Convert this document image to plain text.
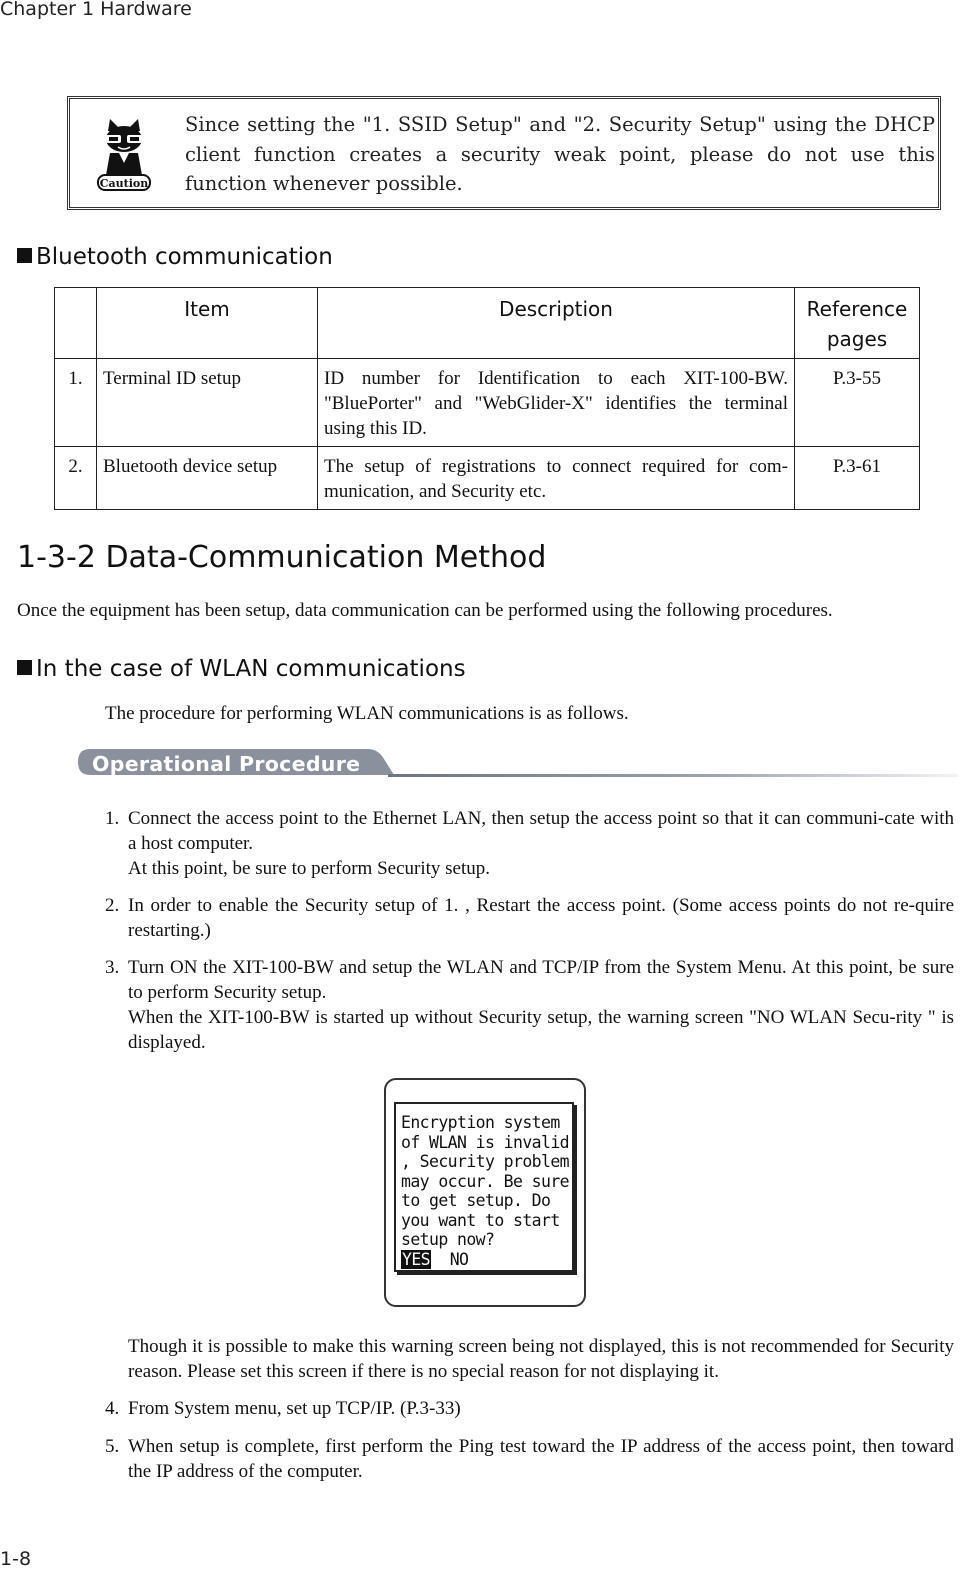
Chapter 1 Hardware
Caution
Since setting the "1. SSID Setup" and "2. Security Setup" using the DHCP client function creates a security weak point, please do not use this function whenever possible.
Bluetooth communication
	Item	Description	Reference pages
1.	Terminal ID setup	ID number for Identification to each XIT-100-BW. "BluePorter" and "WebGlider-X" identifies the terminal using this ID.	P.3-55
2.	Bluetooth device setup	The setup of registrations to connect required for com-munication, and Security etc.	P.3-61
1-3-2 Data-Communication Method
Once the equipment has been setup, data communication can be performed using the following procedures.
In the case of WLAN communications
The procedure for performing WLAN communications is as follows.
Operational Procedure
1. Connect the access point to the Ethernet LAN, then setup the access point so that it can communi-cate with a host computer.
At this point, be sure to perform Security setup.
2. In order to enable the Security setup of 1. , Restart the access point. (Some access points do not re-quire restarting.)
3. Turn ON the XIT-100-BW and setup the WLAN and TCP/IP from the System Menu. At this point, be sure to perform Security setup.
When the XIT-100-BW is started up without Security setup, the warning screen "NO WLAN Secu-rity " is displayed.
Encryption system
of WLAN is invalid
, Security problem
may occur. Be sure
to get setup. Do
you want to start
setup now?
YES NO
Though it is possible to make this warning screen being not displayed, this is not recommended for Security reason. Please set this screen if there is no special reason for not displaying it.
4. From System menu, set up TCP/IP. (P.3-33)
5. When setup is complete, first perform the Ping test toward the IP address of the access point, then toward the IP address of the computer.
1-8
